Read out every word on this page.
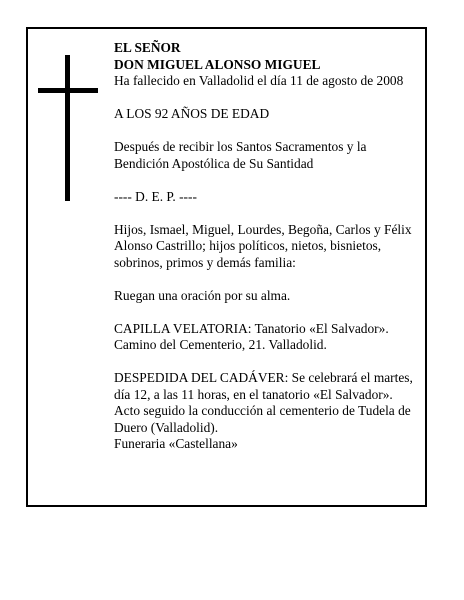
EL SEÑOR

DON MIGUEL ALONSO MIGUEL

Ha fallecido en Valladolid el día 11 de agosto de 2008

A LOS 92 AÑOS DE EDAD

Después de recibir los Santos Sacramentos y la

Bendición Apostólica de Su Santidad

---- D. E. P. ----

Hijos, Ismael, Miguel, Lourdes, Begoña, Carlos y Félix

Alonso Castrillo; hijos políticos, nietos, bisnietos,

sobrinos, primos y demás familia:

Ruegan una oración por su alma.

CAPILLA VELATORIA: Tanatorio «El Salvador».

Camino del Cementerio, 21. Valladolid.

DESPEDIDA DEL CADÁVER: Se celebrará el martes,

día 12, a las 11 horas, en el tanatorio «El Salvador».

Acto seguido la conducción al cementerio de Tudela de

Duero (Valladolid).

Funeraria «Castellana»
